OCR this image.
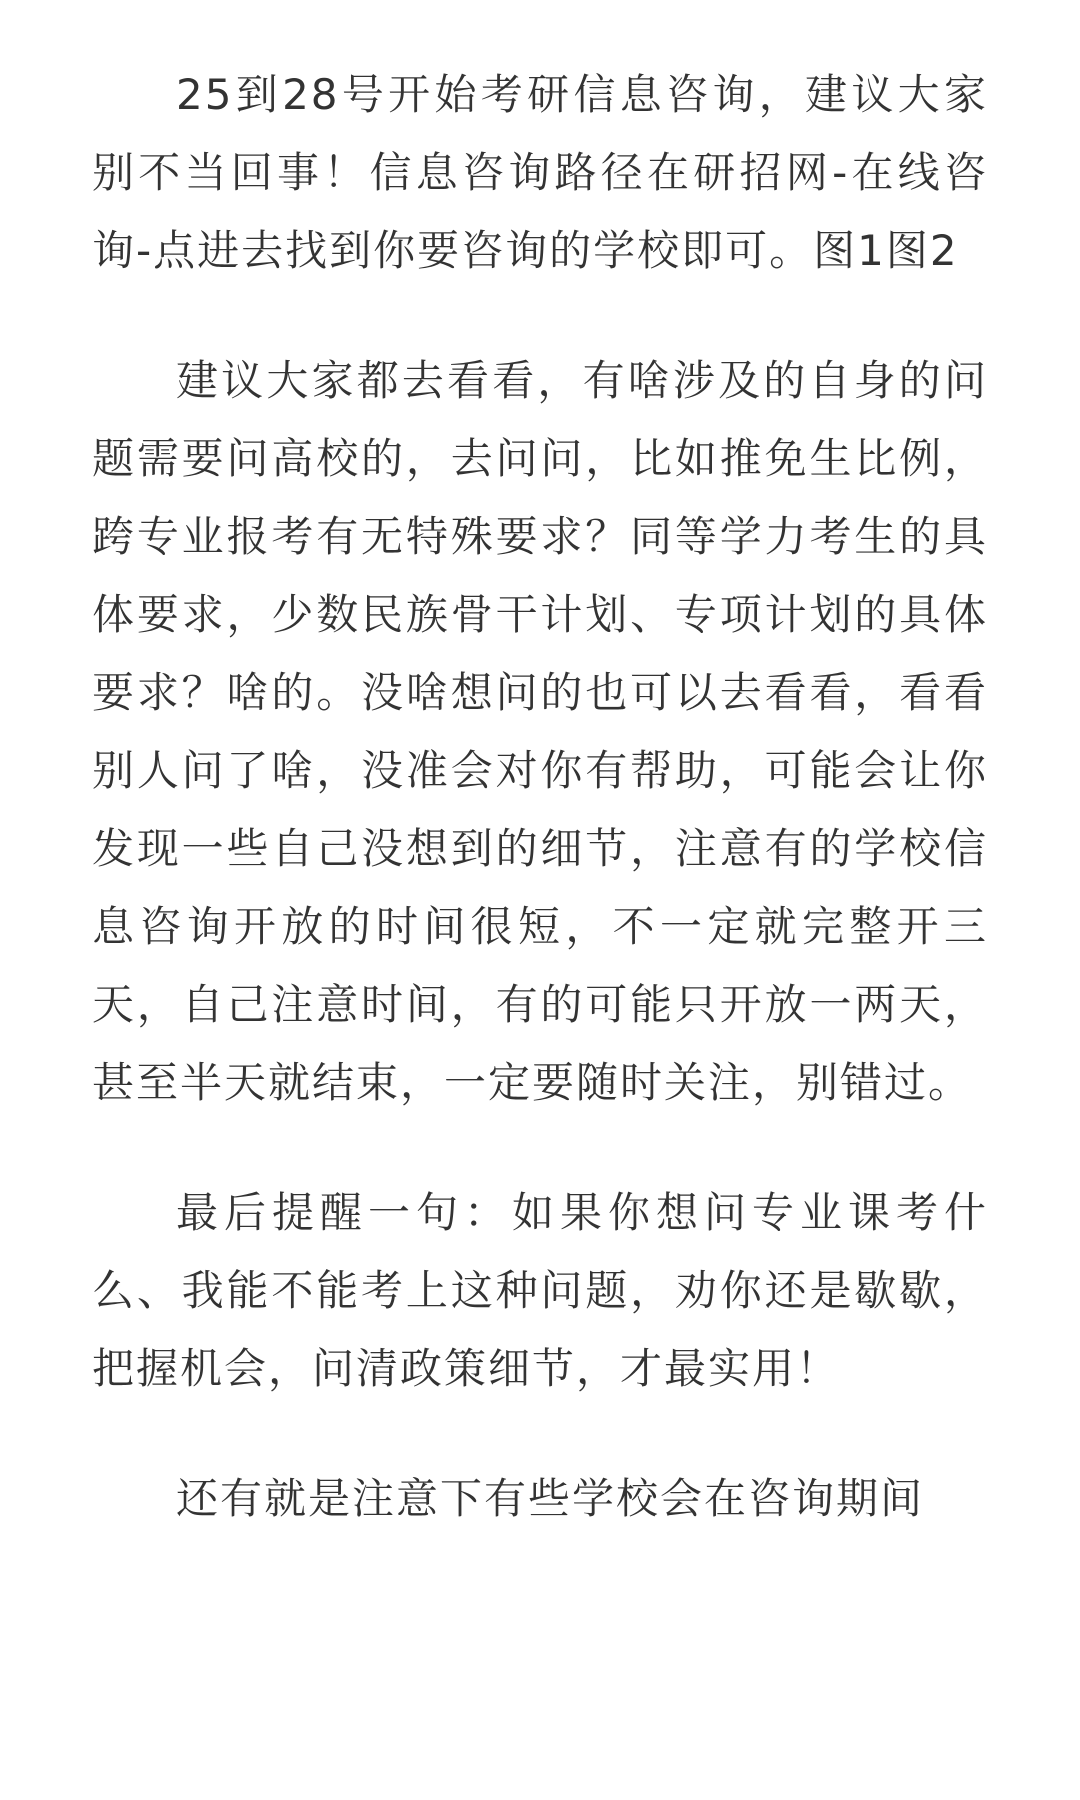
25到28号开始考研信息咨询，建议大家别不当回事！信息咨询路径在研招网-在线咨询-点进去找到你要咨询的学校即可。图1图2

建议大家都去看看，有啥涉及的自身的问题需要问高校的，去问问，比如推免生比例，跨专业报考有无特殊要求？同等学力考生的具体要求，少数民族骨干计划、专项计划的具体要求？啥的。没啥想问的也可以去看看，看看别人问了啥，没准会对你有帮助，可能会让你发现一些自己没想到的细节，注意有的学校信息咨询开放的时间很短，不一定就完整开三天，自己注意时间，有的可能只开放一两天，甚至半天就结束，一定要随时关注，别错过。

最后提醒一句：如果你想问专业课考什么、我能不能考上这种问题，劝你还是歇歇，把握机会，问清政策细节，才最实用！

还有就是注意下有些学校会在咨询期间
